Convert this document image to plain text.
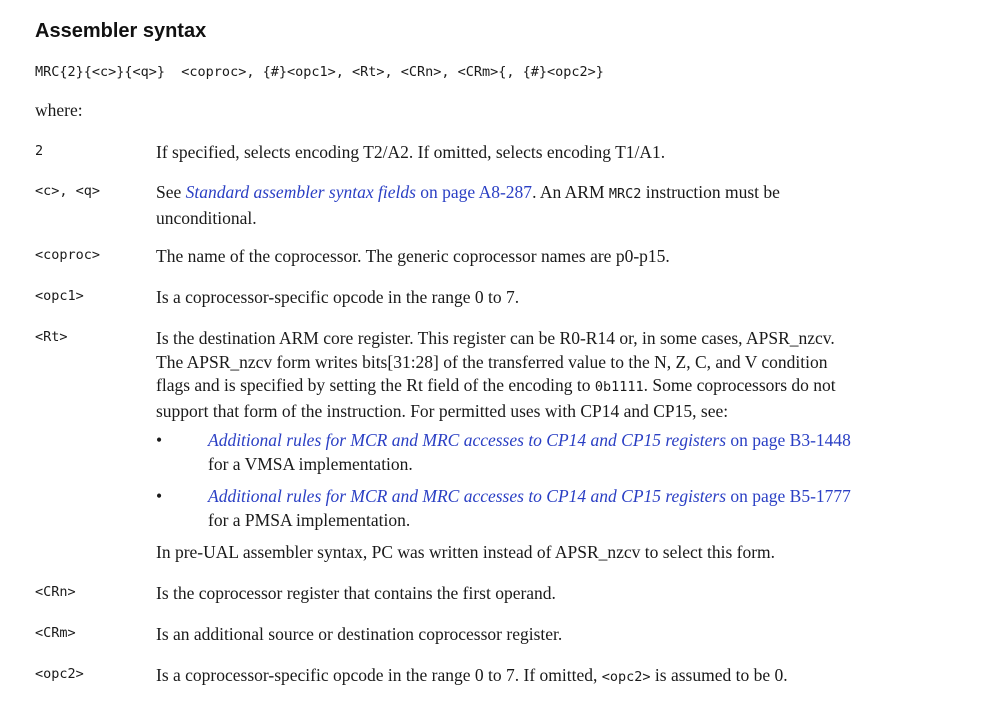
Assembler syntax
MRC{2}{<c>}{<q>}  <coproc>, {#}<opc1>, <Rt>, <CRn>, <CRm>{, {#}<opc2>}
where:
2	If specified, selects encoding T2/A2. If omitted, selects encoding T1/A1.
<c>, <q>	See Standard assembler syntax fields on page A8-287. An ARM MRC2 instruction must be
unconditional.
<coproc>	The name of the coprocessor. The generic coprocessor names are p0-p15.
<opc1>	Is a coprocessor-specific opcode in the range 0 to 7.
<Rt>	Is the destination ARM core register. This register can be R0-R14 or, in some cases, APSR_nzcv.
The APSR_nzcv form writes bits[31:28] of the transferred value to the N, Z, C, and V condition
flags and is specified by setting the Rt field of the encoding to 0b1111. Some coprocessors do not
support that form of the instruction. For permitted uses with CP14 and CP15, see:
•	Additional rules for MCR and MRC accesses to CP14 and CP15 registers on page B3-1448
for a VMSA implementation.
•	Additional rules for MCR and MRC accesses to CP14 and CP15 registers on page B5-1777
for a PMSA implementation.
In pre-UAL assembler syntax, PC was written instead of APSR_nzcv to select this form.
<CRn>	Is the coprocessor register that contains the first operand.
<CRm>	Is an additional source or destination coprocessor register.
<opc2>	Is a coprocessor-specific opcode in the range 0 to 7. If omitted, <opc2> is assumed to be 0.
